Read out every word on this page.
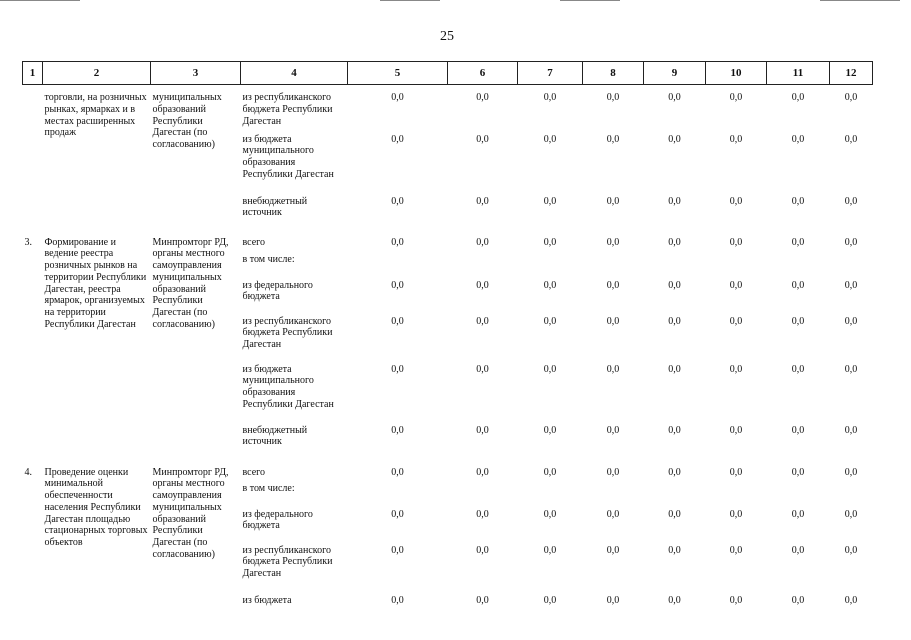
25
1	2	3	4	5	6	7	8	9	10	11	12

	торговли, на розничных рынках, ярмарках и в местах расширенных продаж	муниципальных образований Республики Дагестан (по согласованию)	из республиканского бюджета Республики Дагестан	0,0	0,0	0,0	0,0	0,0	0,0	0,0	0,0
			из бюджета муниципального образования Республики Дагестан	0,0	0,0	0,0	0,0	0,0	0,0	0,0	0,0
			внебюджетный источник	0,0	0,0	0,0	0,0	0,0	0,0	0,0	0,0
3.	Формирование и ведение реестра розничных рынков на территории Республики Дагестан, реестра ярмарок, организуемых на территории Республики Дагестан	Минпромторг РД, органы местного самоуправления муниципальных образований Республики Дагестан (по согласованию)	всего	0,0	0,0	0,0	0,0	0,0	0,0	0,0	0,0
			в том числе:								
			из федерального бюджета	0,0	0,0	0,0	0,0	0,0	0,0	0,0	0,0
			из республиканского бюджета Республики Дагестан	0,0	0,0	0,0	0,0	0,0	0,0	0,0	0,0
			из бюджета муниципального образования Республики Дагестан	0,0	0,0	0,0	0,0	0,0	0,0	0,0	0,0
			внебюджетный источник	0,0	0,0	0,0	0,0	0,0	0,0	0,0	0,0
4.	Проведение оценки минимальной обеспеченности населения Республики Дагестан площадью стационарных торговых объектов	Минпромторг РД, органы местного самоуправления муниципальных образований Республики Дагестан (по согласованию)	всего	0,0	0,0	0,0	0,0	0,0	0,0	0,0	0,0
			в том числе:								
			из федерального бюджета	0,0	0,0	0,0	0,0	0,0	0,0	0,0	0,0
			из республиканского бюджета Республики Дагестан	0,0	0,0	0,0	0,0	0,0	0,0	0,0	0,0
			из бюджета	0,0	0,0	0,0	0,0	0,0	0,0	0,0	0,0
